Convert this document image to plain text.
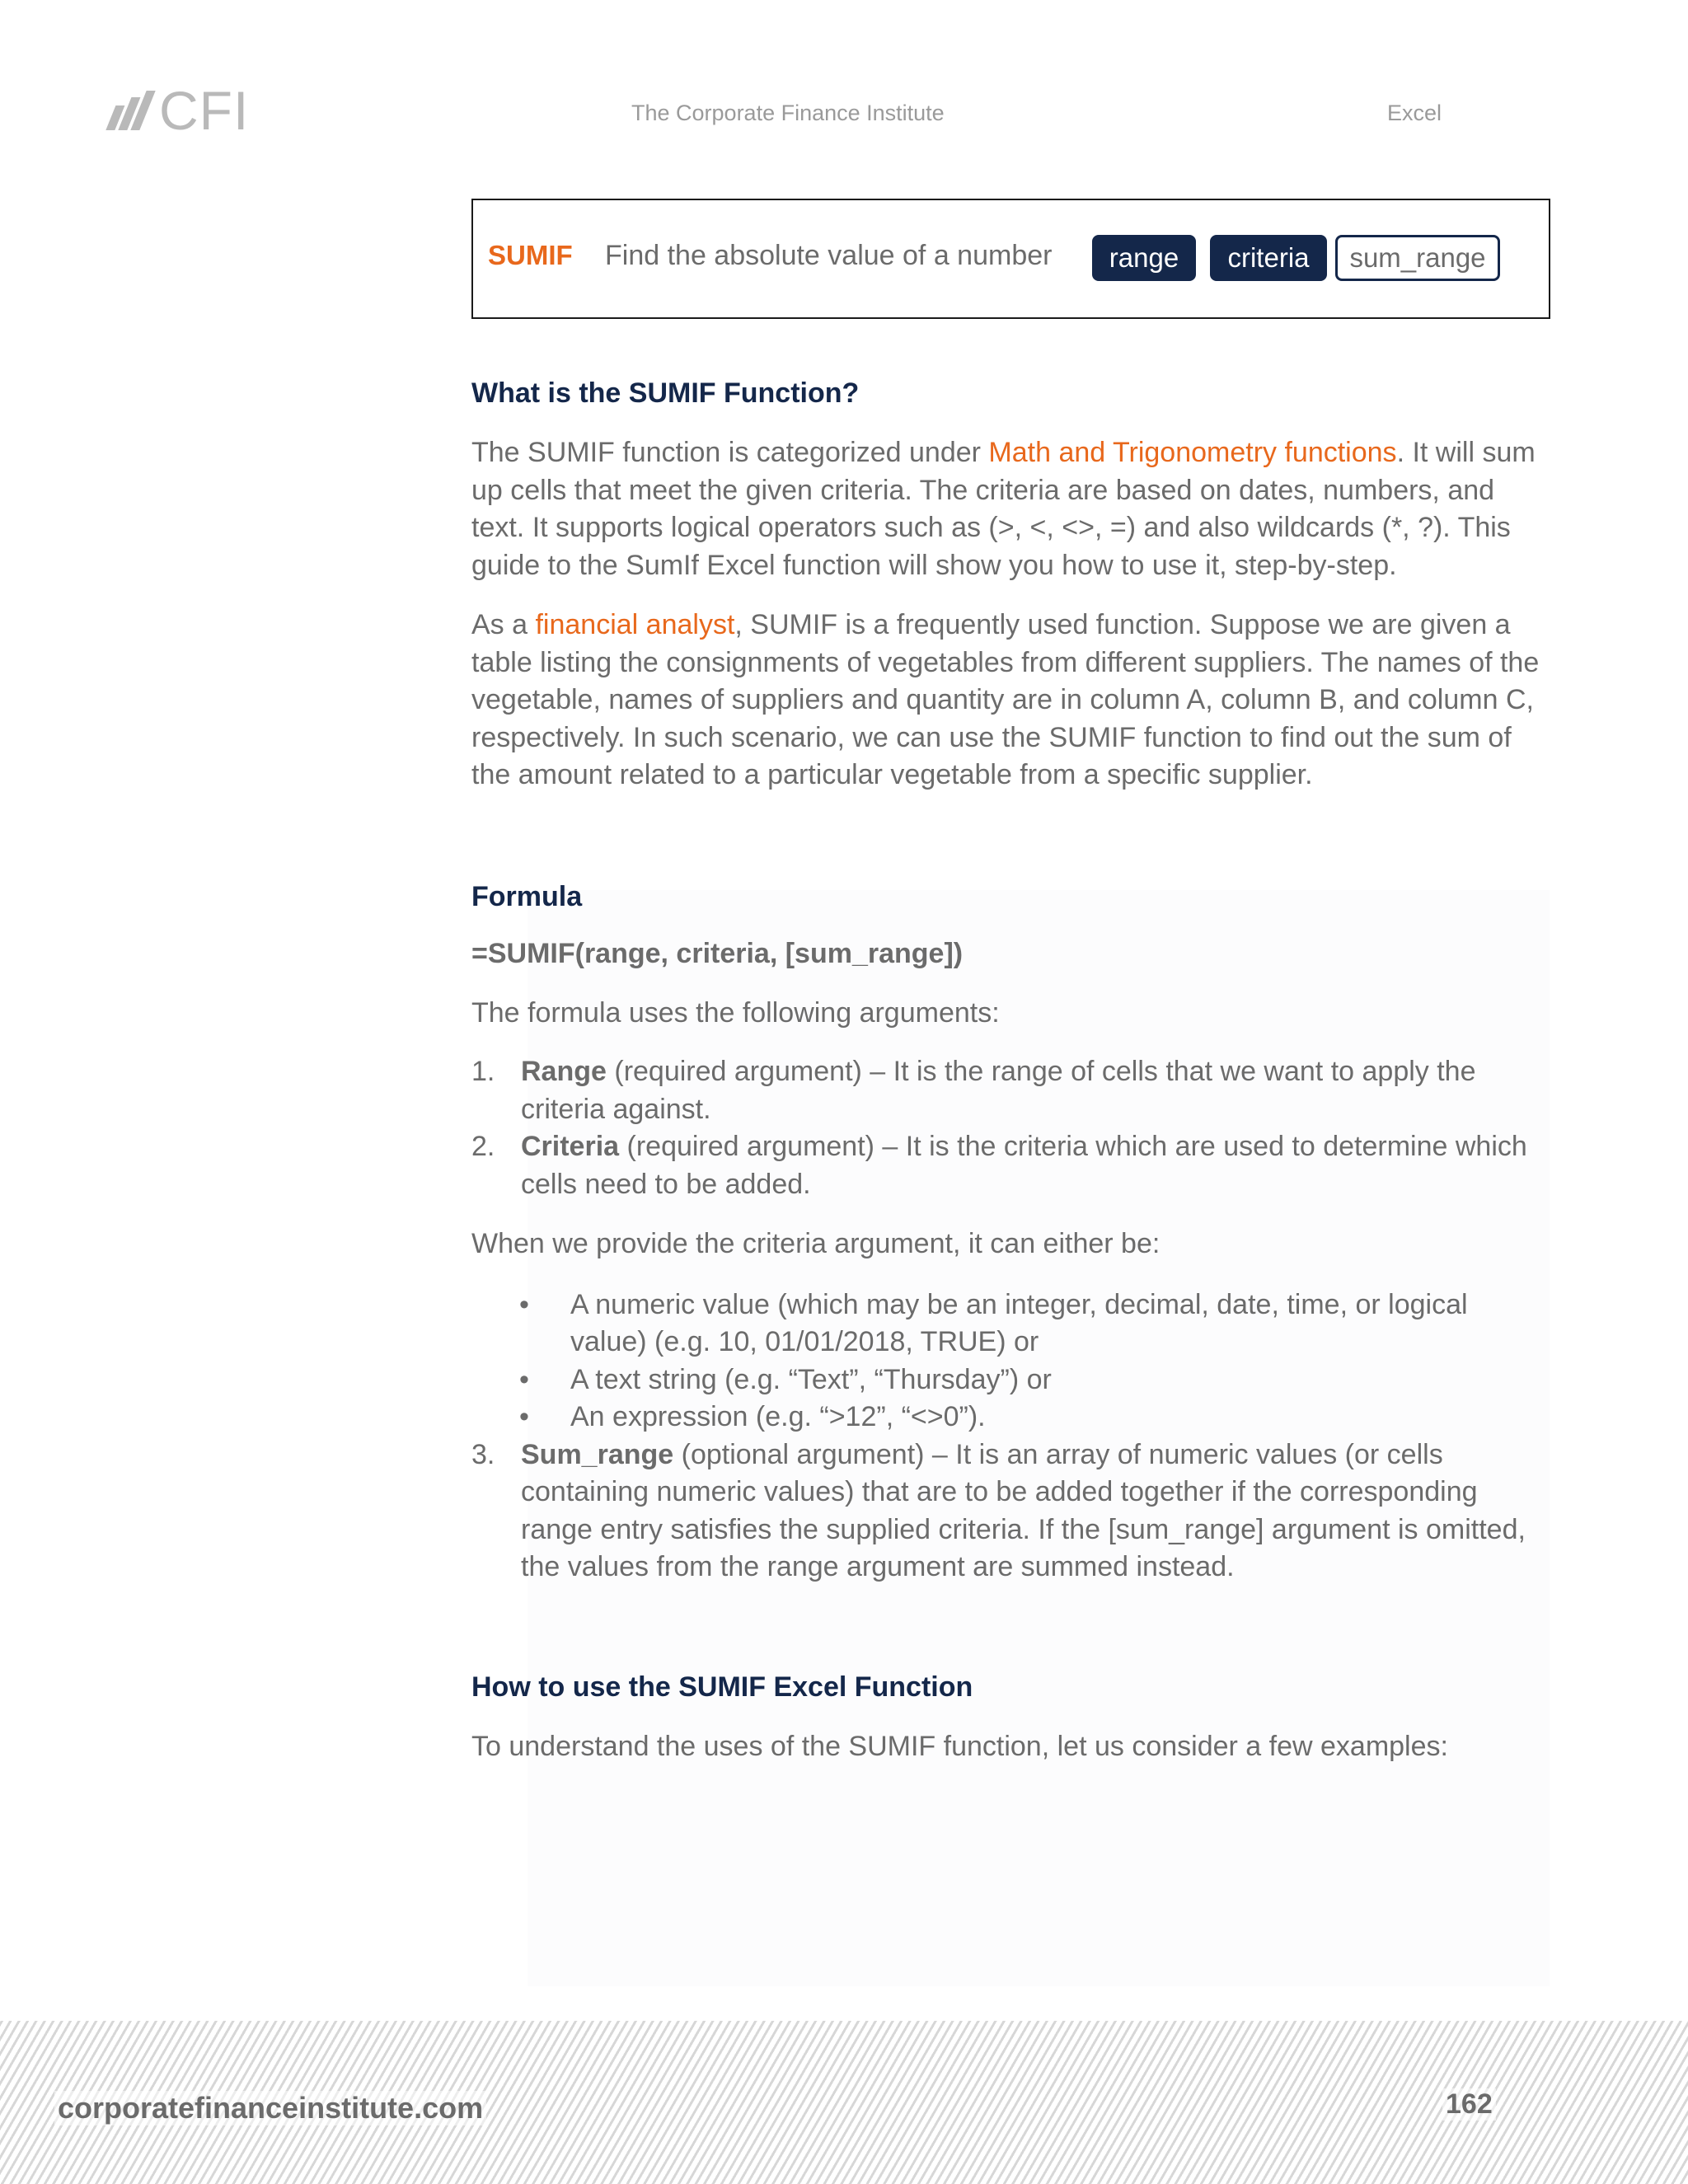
CFI	The Corporate Finance Institute	Excel
SUMIF Find the absolute value of a number	range	criteria	sum_range
What is the SUMIF Function?

The SUMIF function is categorized under Math and Trigonometry functions. It will sum up cells that meet the given criteria. The criteria are based on dates, numbers, and text. It supports logical operators such as (>, <, <>, =) and also wildcards (*, ?). This guide to the SumIf Excel function will show you how to use it, step-by-step.

As a financial analyst, SUMIF is a frequently used function. Suppose we are given a table listing the consignments of vegetables from different suppliers. The names of the vegetable, names of suppliers and quantity are in column A, column B, and column C, respectively. In such scenario, we can use the SUMIF function to find out the sum of the amount related to a particular vegetable from a specific supplier.

Formula
=SUMIF(range, criteria, [sum_range])

The formula uses the following arguments:

1. Range (required argument) – It is the range of cells that we want to apply the criteria against.
2. Criteria (required argument) – It is the criteria which are used to determine which cells need to be added.

When we provide the criteria argument, it can either be:

• A numeric value (which may be an integer, decimal, date, time, or logical value) (e.g. 10, 01/01/2018, TRUE) or
• A text string (e.g. “Text”, “Thursday”) or
• An expression (e.g. “>12”, “<>0”).
3. Sum_range (optional argument) – It is an array of numeric values (or cells containing numeric values) that are to be added together if the corresponding range entry satisfies the supplied criteria. If the [sum_range] argument is omitted, the values from the range argument are summed instead.
How to use the SUMIF Excel Function

To understand the uses of the SUMIF function, let us consider a few examples:

corporatefinanceinstitute.com	162
